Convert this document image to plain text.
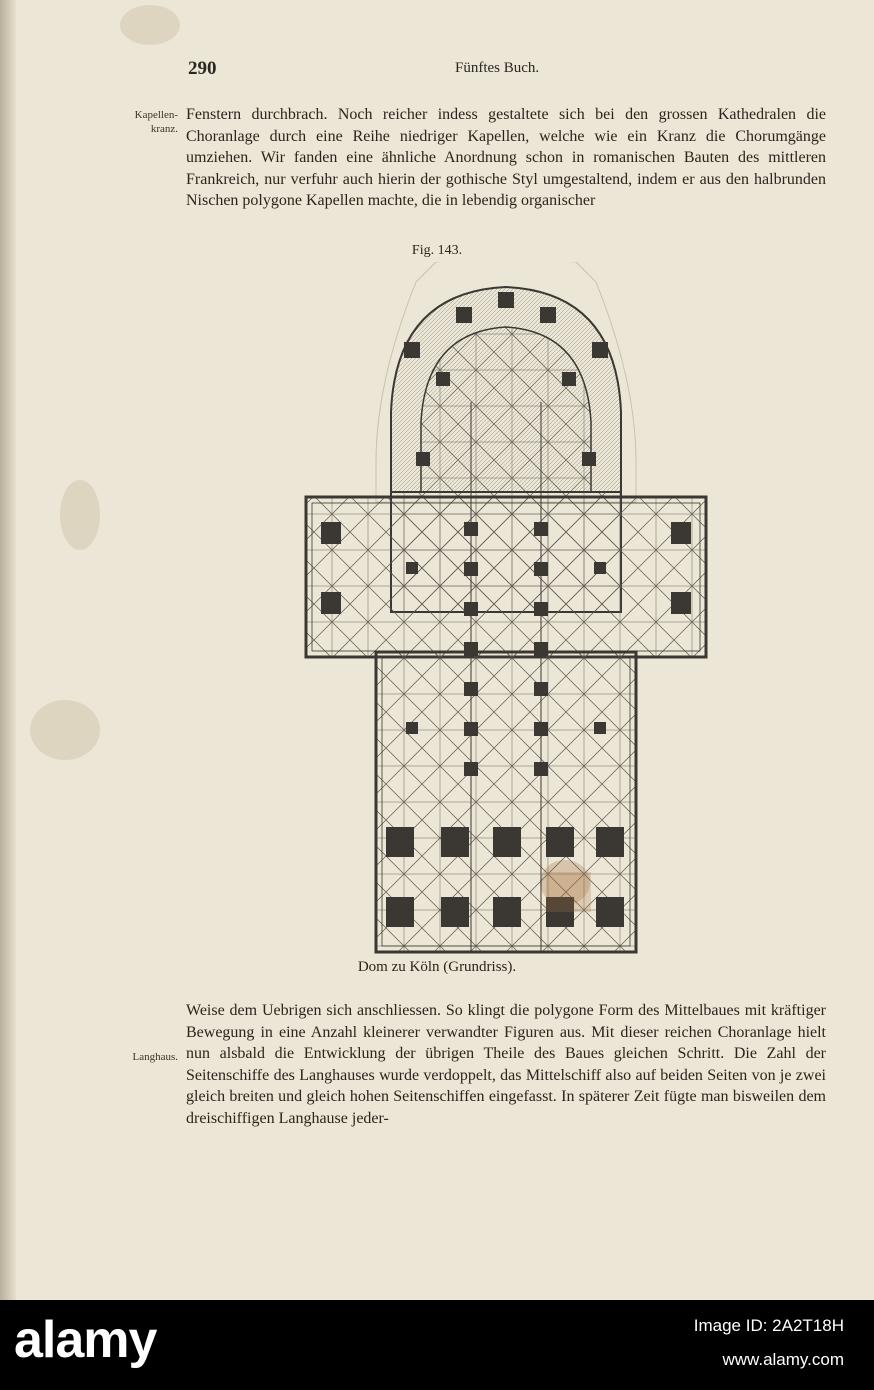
290	Fünftes Buch.
Kapellen-
kranz.
Langhaus.

Fenstern durchbrach. Noch reicher indess gestaltete sich bei den grossen Kathedralen die Choranlage durch eine Reihe niedriger Kapellen, welche wie ein Kranz die Chorumgänge umziehen. Wir fanden eine ähnliche Anordnung schon in romanischen Bauten des mittleren Frankreich, nur verfuhr auch hierin der gothische Styl umgestaltend, indem er aus den halbrunden Nischen polygone Kapellen machte, die in lebendig organischer

Fig. 143.
Dom zu Köln (Grundriss).

Weise dem Uebrigen sich anschliessen. So klingt die polygone Form des Mittelbaues mit kräftiger Bewegung in eine Anzahl kleinerer verwandter Figuren aus. Mit dieser reichen Choranlage hielt nun alsbald die Entwicklung der übrigen Theile des Baues gleichen Schritt. Die Zahl der Seitenschiffe des Langhauses wurde verdoppelt, das Mittelschiff also auf beiden Seiten von je zwei gleich breiten und gleich hohen Seitenschiffen eingefasst. In späterer Zeit fügte man bisweilen dem dreischiffigen Langhause jeder-

alamy	Image ID: 2A2T18H
www.alamy.com
